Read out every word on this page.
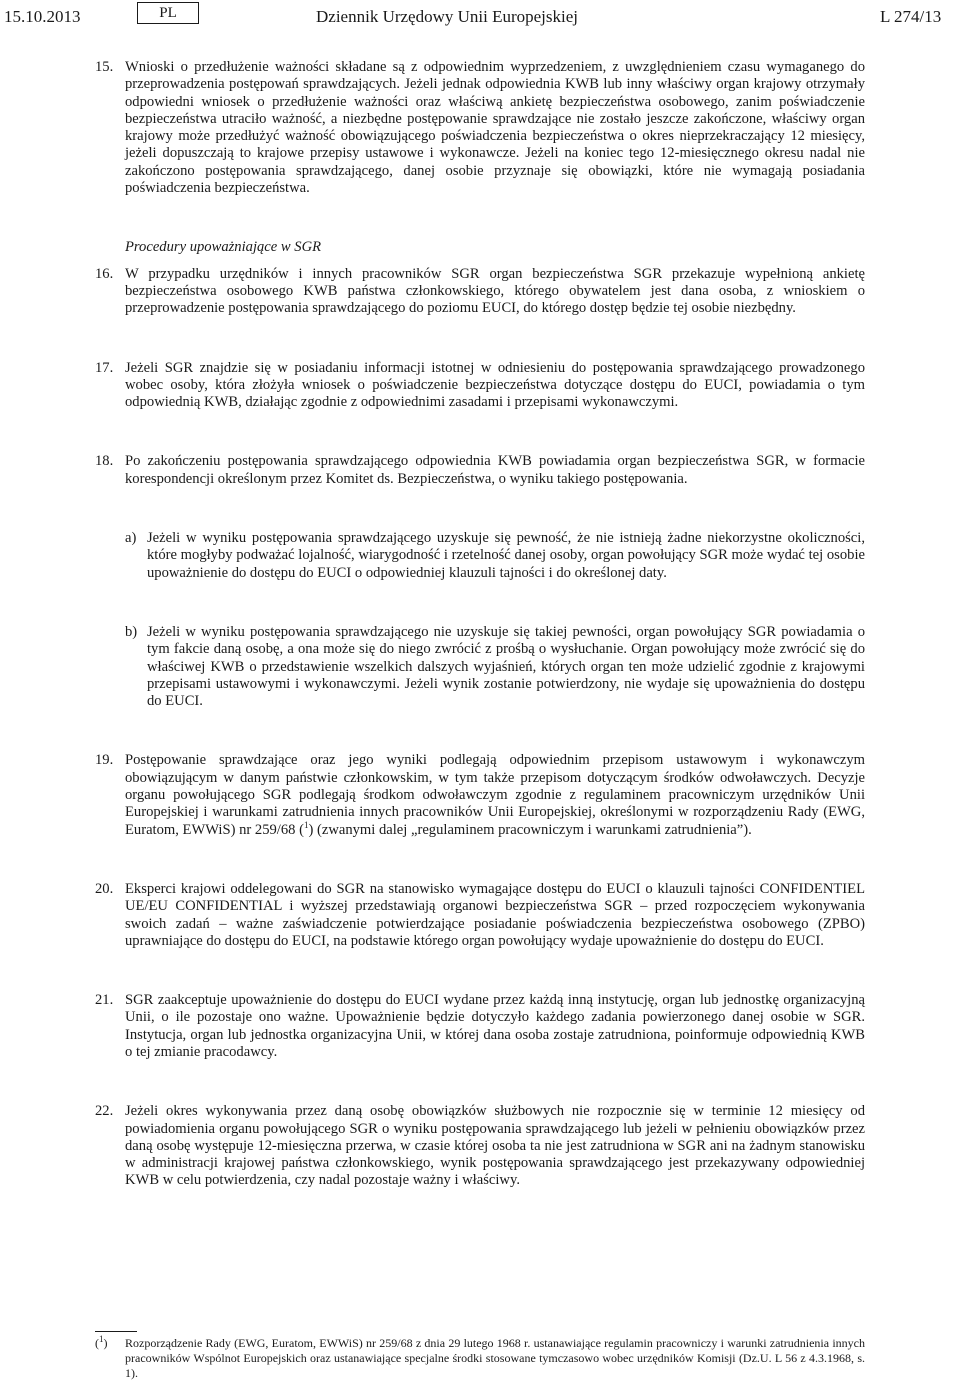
15.10.2013	PL	Dziennik Urzędowy Unii Europejskiej	L 274/13
15. Wnioski o przedłużenie ważności składane są z odpowiednim wyprzedzeniem, z uwzględnieniem czasu wymaganego do przeprowadzenia postępowań sprawdzających. Jeżeli jednak odpowiednia KWB lub inny właściwy organ krajowy otrzymały odpowiedni wniosek o przedłużenie ważności oraz właściwą ankietę bezpieczeństwa osobowego, zanim poświadczenie bezpieczeństwa utraciło ważność, a niezbędne postępowanie sprawdzające nie zostało jeszcze zakończone, właściwy organ krajowy może przedłużyć ważność obowiązującego poświadczenia bezpieczeństwa o okres nieprzekraczający 12 miesięcy, jeżeli dopuszczają to krajowe przepisy ustawowe i wykonawcze. Jeżeli na koniec tego 12-miesięcznego okresu nadal nie zakończono postępowania sprawdzającego, danej osobie przyznaje się obowiązki, które nie wymagają posiadania poświadczenia bezpieczeństwa.
Procedury upoważniające w SGR
16. W przypadku urzędników i innych pracowników SGR organ bezpieczeństwa SGR przekazuje wypełnioną ankietę bezpieczeństwa osobowego KWB państwa członkowskiego, którego obywatelem jest dana osoba, z wnioskiem o przeprowadzenie postępowania sprawdzającego do poziomu EUCI, do którego dostęp będzie tej osobie niezbędny.
17. Jeżeli SGR znajdzie się w posiadaniu informacji istotnej w odniesieniu do postępowania sprawdzającego prowadzonego wobec osoby, która złożyła wniosek o poświadczenie bezpieczeństwa dotyczące dostępu do EUCI, powiadamia o tym odpowiednią KWB, działając zgodnie z odpowiednimi zasadami i przepisami wykonawczymi.
18. Po zakończeniu postępowania sprawdzającego odpowiednia KWB powiadamia organ bezpieczeństwa SGR, w formacie korespondencji określonym przez Komitet ds. Bezpieczeństwa, o wyniku takiego postępowania.
a) Jeżeli w wyniku postępowania sprawdzającego uzyskuje się pewność, że nie istnieją żadne niekorzystne okoliczności, które mogłyby podważać lojalność, wiarygodność i rzetelność danej osoby, organ powołujący SGR może wydać tej osobie upoważnienie do dostępu do EUCI o odpowiedniej klauzuli tajności i do określonej daty.
b) Jeżeli w wyniku postępowania sprawdzającego nie uzyskuje się takiej pewności, organ powołujący SGR powiadamia o tym fakcie daną osobę, a ona może się do niego zwrócić z prośbą o wysłuchanie. Organ powołujący może zwrócić się do właściwej KWB o przedstawienie wszelkich dalszych wyjaśnień, których organ ten może udzielić zgodnie z krajowymi przepisami ustawowymi i wykonawczymi. Jeżeli wynik zostanie potwierdzony, nie wydaje się upoważnienia do dostępu do EUCI.
19. Postępowanie sprawdzające oraz jego wyniki podlegają odpowiednim przepisom ustawowym i wykonawczym obowiązującym w danym państwie członkowskim, w tym także przepisom dotyczącym środków odwoławczych. Decyzje organu powołującego SGR podlegają środkom odwoławczym zgodnie z regulaminem pracowniczym urzędników Unii Europejskiej i warunkami zatrudnienia innych pracowników Unii Europejskiej, określonymi w rozporządzeniu Rady (EWG, Euratom, EWWiS) nr 259/68 ($^1$) (zwanymi dalej „regulaminem pracowniczym i warunkami zatrudnienia”).
20. Eksperci krajowi oddelegowani do SGR na stanowisko wymagające dostępu do EUCI o klauzuli tajności CONFIDENTIEL UE/EU CONFIDENTIAL i wyższej przedstawiają organowi bezpieczeństwa SGR – przed rozpoczęciem wykonywania swoich zadań – ważne zaświadczenie potwierdzające posiadanie poświadczenia bezpieczeństwa osobowego (ZPBO) uprawniające do dostępu do EUCI, na podstawie którego organ powołujący wydaje upoważnienie do dostępu do EUCI.
21. SGR zaakceptuje upoważnienie do dostępu do EUCI wydane przez każdą inną instytucję, organ lub jednostkę organizacyjną Unii, o ile pozostaje ono ważne. Upoważnienie będzie dotyczyło każdego zadania powierzonego danej osobie w SGR. Instytucja, organ lub jednostka organizacyjna Unii, w której dana osoba zostaje zatrudniona, poinformuje odpowiednią KWB o tej zmianie pracodawcy.
22. Jeżeli okres wykonywania przez daną osobę obowiązków służbowych nie rozpocznie się w terminie 12 miesięcy od powiadomienia organu powołującego SGR o wyniku postępowania sprawdzającego lub jeżeli w pełnieniu obowiązków przez daną osobę występuje 12-miesięczna przerwa, w czasie której osoba ta nie jest zatrudniona w SGR ani na żadnym stanowisku w administracji krajowej państwa członkowskiego, wynik postępowania sprawdzającego jest przekazywany odpowiedniej KWB w celu potwierdzenia, czy nadal pozostaje ważny i właściwy.
($^1$)	Rozporządzenie Rady (EWG, Euratom, EWWiS) nr 259/68 z dnia 29 lutego 1968 r. ustanawiające regulamin pracowniczy i warunki zatrudnienia innych pracowników Wspólnot Europejskich oraz ustanawiające specjalne środki stosowane tymczasowo wobec urzędników Komisji (Dz.U. L 56 z 4.3.1968, s. 1).
